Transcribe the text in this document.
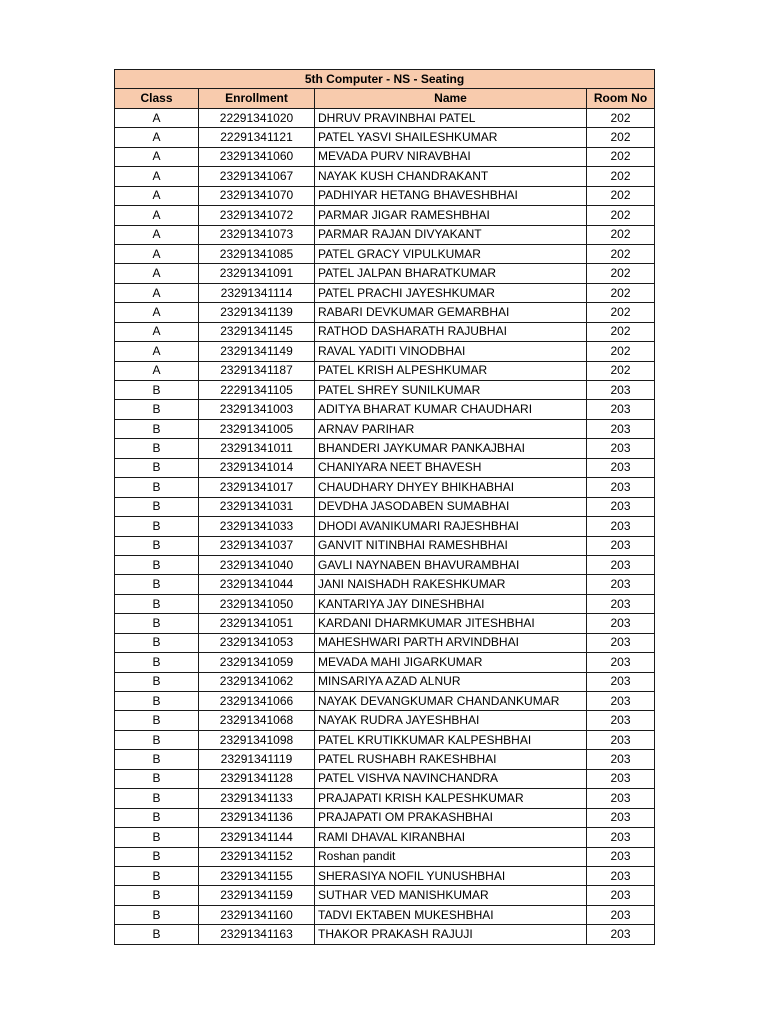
5th Computer - NS - Seating			
Class	Enrollment	Name	Room No
A	22291341020	DHRUV PRAVINBHAI PATEL	202
A	22291341121	PATEL YASVI SHAILESHKUMAR	202
A	23291341060	MEVADA PURV NIRAVBHAI	202
A	23291341067	NAYAK KUSH CHANDRAKANT	202
A	23291341070	PADHIYAR HETANG BHAVESHBHAI	202
A	23291341072	PARMAR JIGAR RAMESHBHAI	202
A	23291341073	PARMAR RAJAN DIVYAKANT	202
A	23291341085	PATEL GRACY VIPULKUMAR	202
A	23291341091	PATEL JALPAN BHARATKUMAR	202
A	23291341114	PATEL PRACHI JAYESHKUMAR	202
A	23291341139	RABARI DEVKUMAR GEMARBHAI	202
A	23291341145	RATHOD DASHARATH RAJUBHAI	202
A	23291341149	RAVAL YADITI VINODBHAI	202
A	23291341187	PATEL KRISH ALPESHKUMAR	202
B	22291341105	PATEL SHREY SUNILKUMAR	203
B	23291341003	ADITYA BHARAT KUMAR CHAUDHARI	203
B	23291341005	ARNAV PARIHAR	203
B	23291341011	BHANDERI JAYKUMAR PANKAJBHAI	203
B	23291341014	CHANIYARA NEET BHAVESH	203
B	23291341017	CHAUDHARY DHYEY BHIKHABHAI	203
B	23291341031	DEVDHA JASODABEN SUMABHAI	203
B	23291341033	DHODI AVANIKUMARI RAJESHBHAI	203
B	23291341037	GANVIT NITINBHAI RAMESHBHAI	203
B	23291341040	GAVLI NAYNABEN BHAVURAMBHAI	203
B	23291341044	JANI NAISHADH RAKESHKUMAR	203
B	23291341050	KANTARIYA JAY DINESHBHAI	203
B	23291341051	KARDANI DHARMKUMAR JITESHBHAI	203
B	23291341053	MAHESHWARI PARTH ARVINDBHAI	203
B	23291341059	MEVADA MAHI JIGARKUMAR	203
B	23291341062	MINSARIYA AZAD ALNUR	203
B	23291341066	NAYAK DEVANGKUMAR CHANDANKUMAR	203
B	23291341068	NAYAK RUDRA JAYESHBHAI	203
B	23291341098	PATEL KRUTIKKUMAR KALPESHBHAI	203
B	23291341119	PATEL RUSHABH RAKESHBHAI	203
B	23291341128	PATEL VISHVA NAVINCHANDRA	203
B	23291341133	PRAJAPATI KRISH KALPESHKUMAR	203
B	23291341136	PRAJAPATI OM PRAKASHBHAI	203
B	23291341144	RAMI DHAVAL KIRANBHAI	203
B	23291341152	Roshan pandit	203
B	23291341155	SHERASIYA NOFIL YUNUSHBHAI	203
B	23291341159	SUTHAR VED MANISHKUMAR	203
B	23291341160	TADVI EKTABEN MUKESHBHAI	203
B	23291341163	THAKOR PRAKASH RAJUJI	203
